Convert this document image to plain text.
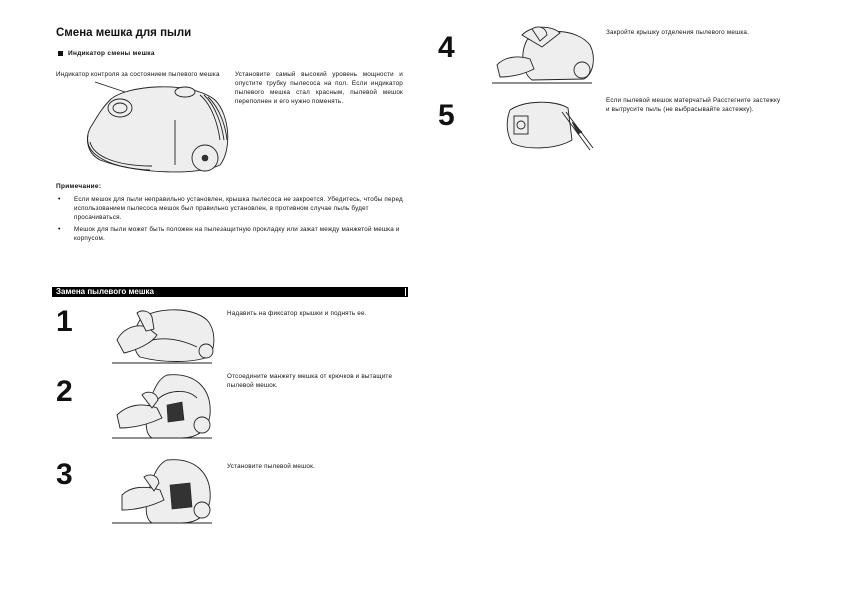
Смена мешка для пыли
Индикатор смены мешка
Индикатор контроля за состоянием пылевого мешка	Установите самый высокий уровень мощности и опустите трубку пылесоса на пол. Если индикатор пылевого мешка стал красным, пылевой мешок переполнен и его нужно поменять.
Примечание:
• Если мешок для пыли неправильно установлен, крышка пылесоса не закроется. Убедитесь, чтобы перед использованием пылесоса мешок был правильно установлен, в противном случае пыль будет просачиваться.
• Мешок для пыли может быть положен на пылезащитную прокладку или зажат между манжетой мешка и корпусом.
Замена пылевого мешка
1	Надавить на фиксатор крышки и поднять ее.
2	Отсоедините манжету мешка от крючков и вытащите пылевой мешок.
3	Установите пылевой мешок.
4	Закройте крышку отделения пылевого мешка.
5	Если пылевой мешок матерчатый Расстегните застежку и вытрусите пыль (не выбрасывайте застежку).
